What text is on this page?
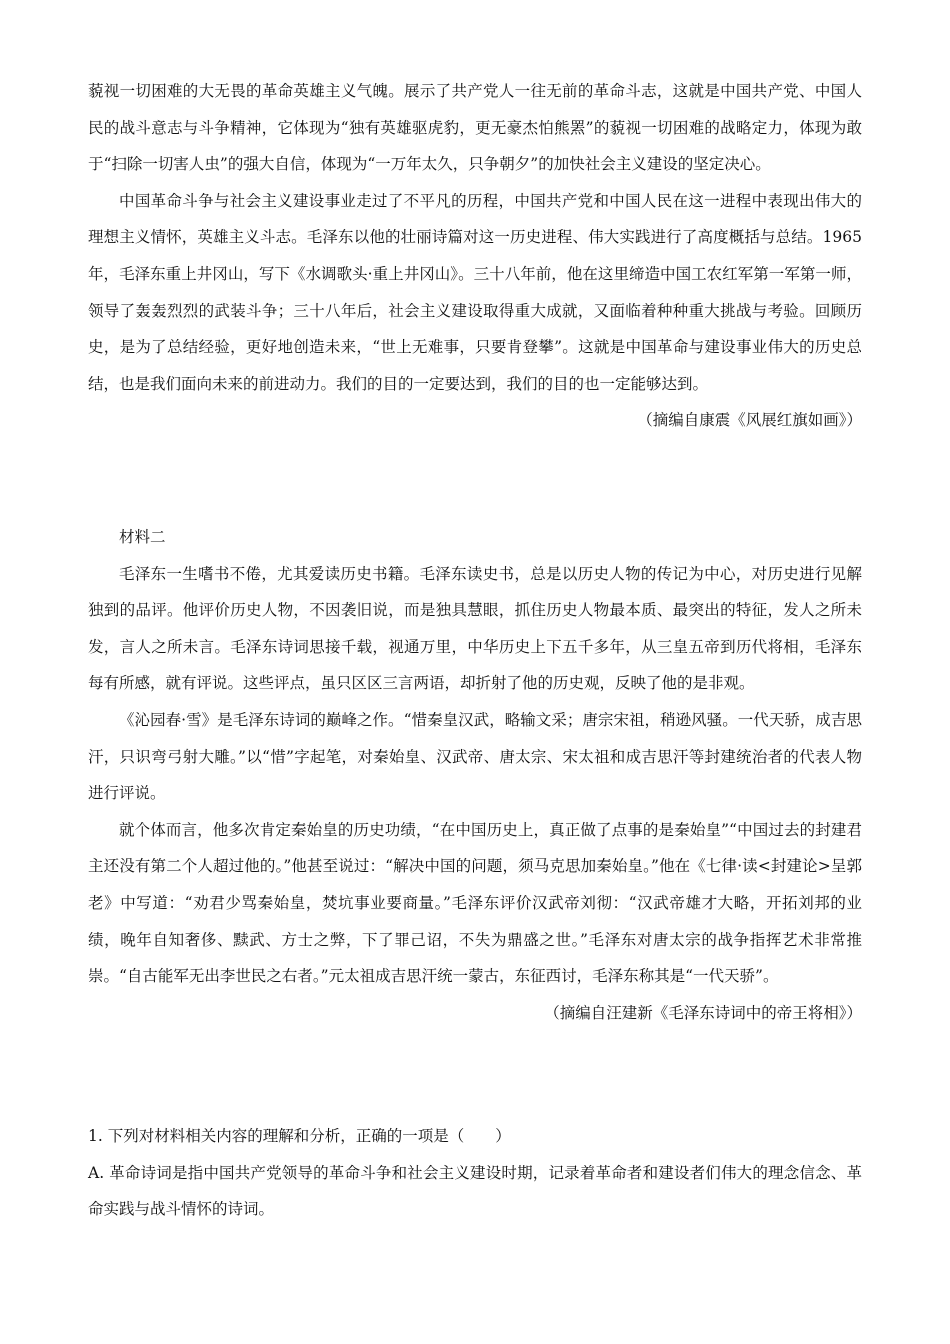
藐视一切困难的大无畏的革命英雄主义气魄。展示了共产党人一往无前的革命斗志，这就是中国共产党、中国人民的战斗意志与斗争精神，它体现为“独有英雄驱虎豹，更无豪杰怕熊罴”的藐视一切困难的战略定力，体现为敢于“扫除一切害人虫”的强大自信，体现为“一万年太久，只争朝夕”的加快社会主义建设的坚定决心。

中国革命斗争与社会主义建设事业走过了不平凡的历程，中国共产党和中国人民在这一进程中表现出伟大的理想主义情怀，英雄主义斗志。毛泽东以他的壮丽诗篇对这一历史进程、伟大实践进行了高度概括与总结。1965年，毛泽东重上井冈山，写下《水调歌头·重上井冈山》。三十八年前，他在这里缔造中国工农红军第一军第一师，领导了轰轰烈烈的武装斗争；三十八年后，社会主义建设取得重大成就，又面临着种种重大挑战与考验。回顾历史，是为了总结经验，更好地创造未来，“世上无难事，只要肯登攀”。这就是中国革命与建设事业伟大的历史总结，也是我们面向未来的前进动力。我们的目的一定要达到，我们的目的也一定能够达到。

（摘编自康震《风展红旗如画》）

材料二

毛泽东一生嗜书不倦，尤其爱读历史书籍。毛泽东读史书，总是以历史人物的传记为中心，对历史进行见解独到的品评。他评价历史人物，不因袭旧说，而是独具慧眼，抓住历史人物最本质、最突出的特征，发人之所未发，言人之所未言。毛泽东诗词思接千载，视通万里，中华历史上下五千多年，从三皇五帝到历代将相，毛泽东每有所感，就有评说。这些评点，虽只区区三言两语，却折射了他的历史观，反映了他的是非观。

《沁园春·雪》是毛泽东诗词的巅峰之作。“惜秦皇汉武，略输文采；唐宗宋祖，稍逊风骚。一代天骄，成吉思汗，只识弯弓射大雕。”以“惜”字起笔，对秦始皇、汉武帝、唐太宗、宋太祖和成吉思汗等封建统治者的代表人物进行评说。

就个体而言，他多次肯定秦始皇的历史功绩，“在中国历史上，真正做了点事的是秦始皇”“中国过去的封建君主还没有第二个人超过他的。”他甚至说过：“解决中国的问题，须马克思加秦始皇。”他在《七律·读<封建论>呈郭老》中写道：“劝君少骂秦始皇，焚坑事业要商量。”毛泽东评价汉武帝刘彻：“汉武帝雄才大略，开拓刘邦的业绩，晚年自知奢侈、黩武、方士之弊，下了罪己诏，不失为鼎盛之世。”毛泽东对唐太宗的战争指挥艺术非常推崇。“自古能军无出李世民之右者。”元太祖成吉思汗统一蒙古，东征西讨，毛泽东称其是“一代天骄”。

（摘编自汪建新《毛泽东诗词中的帝王将相》）

1. 下列对材料相关内容的理解和分析，正确的一项是（　　）

A. 革命诗词是指中国共产党领导的革命斗争和社会主义建设时期，记录着革命者和建设者们伟大的理念信念、革命实践与战斗情怀的诗词。
